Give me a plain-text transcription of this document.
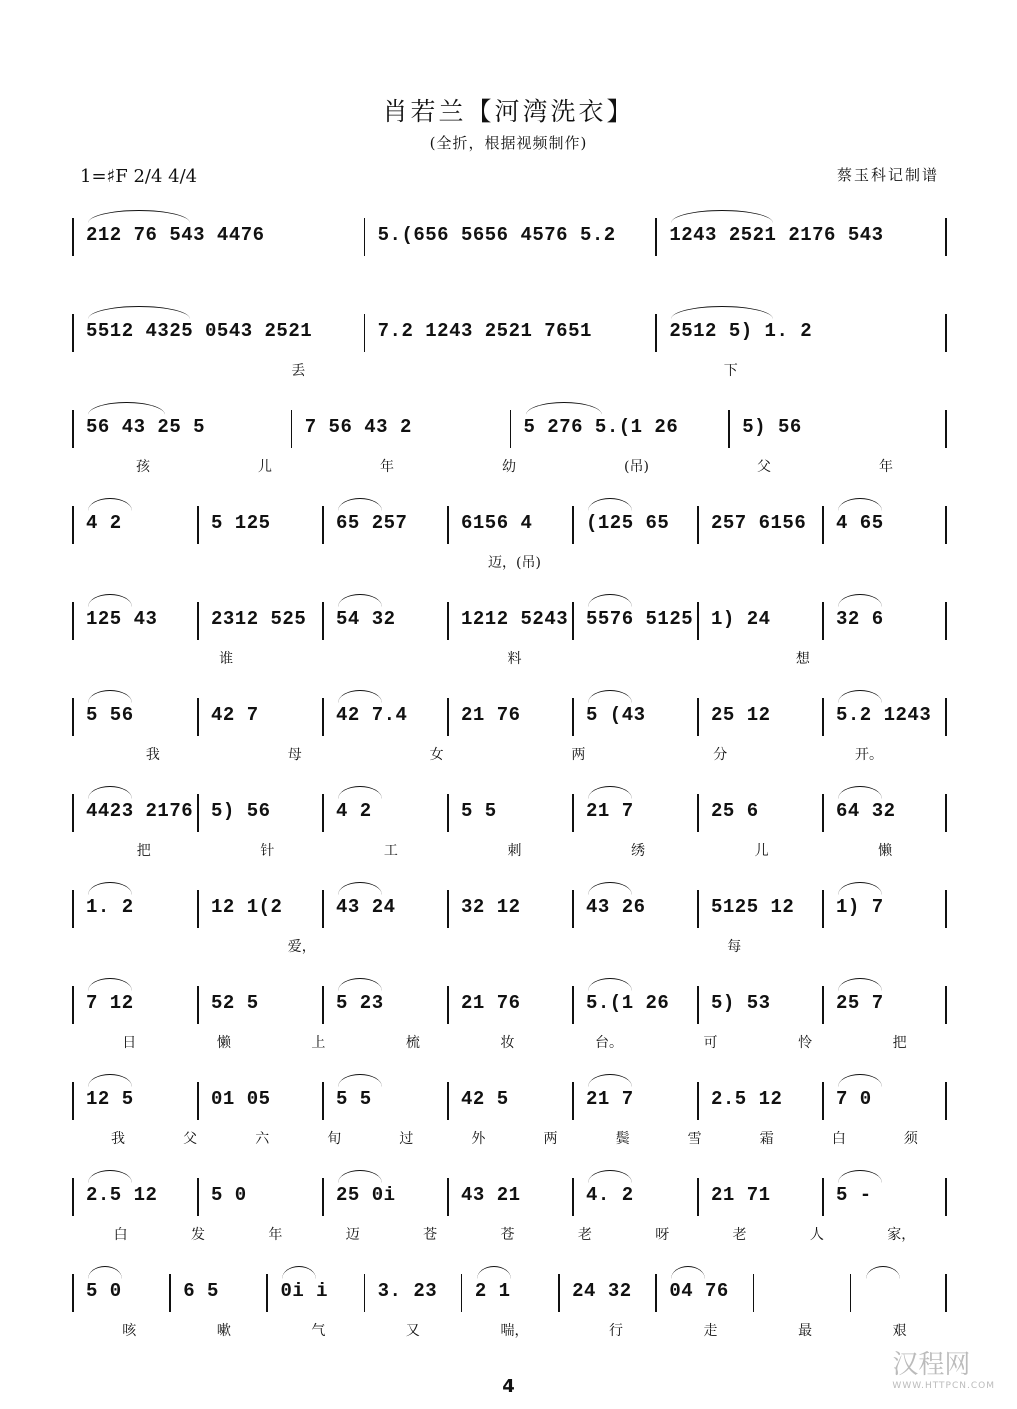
肖若兰【河湾洗衣】
(全折，根据视频制作)
1=♯F 2/4 4/4	蔡玉科记制谱
212 76 543 4476	5.(656 5656 4576 5.2	1243 2521 2176 543
5512 4325 0543 2521	7.2 1243 2521 7651	2512 5) 1. 2
丢	下
56 43 25 5	7 56 43 2	5 276 5.(1 26	5) 56
孩	儿	年	幼	(吊)	父	年
4 2	5 125	65 257	6156 4	(125 65	257 6156	4 65
迈，(吊)
125 43	2312 525	54 32	1212 5243 5576 5125 1) 24	32 6
谁	料	想
5 56	42 7	42 7.4	21 76	5 (43	25 12	5.2 1243
我	母	女	两	分	开。
4423 2176 5) 56	4 2	5 5	21 7	25 6	64 32
把	针	工	刺	绣	儿	懒
1. 2	12 1(2	43 24	32 12	43 26	5125 12	1) 7
爱，	每
7 12	52 5	5 23	21 76	5.(1 26	5) 53	25 7
日	懒	上	梳	妆	台。	可	怜	把
12 5	01 05	5 5	42 5	21 7	2.5 12	7 0
我	父	六	旬	过	外	两	鬓	雪	霜	白	须
2.5 12	5 0	25 0i	43 21	4. 2	21 71	5 -
白	发	年	迈	苍	苍	老	呀	老	人	家，
5 0	6 5	0i i	3. 23	2 1	24 32	04 76
咳	嗽	气	又	喘，	行	走	最	艰
4
汉程网
WWW.HTTPCN.COM
